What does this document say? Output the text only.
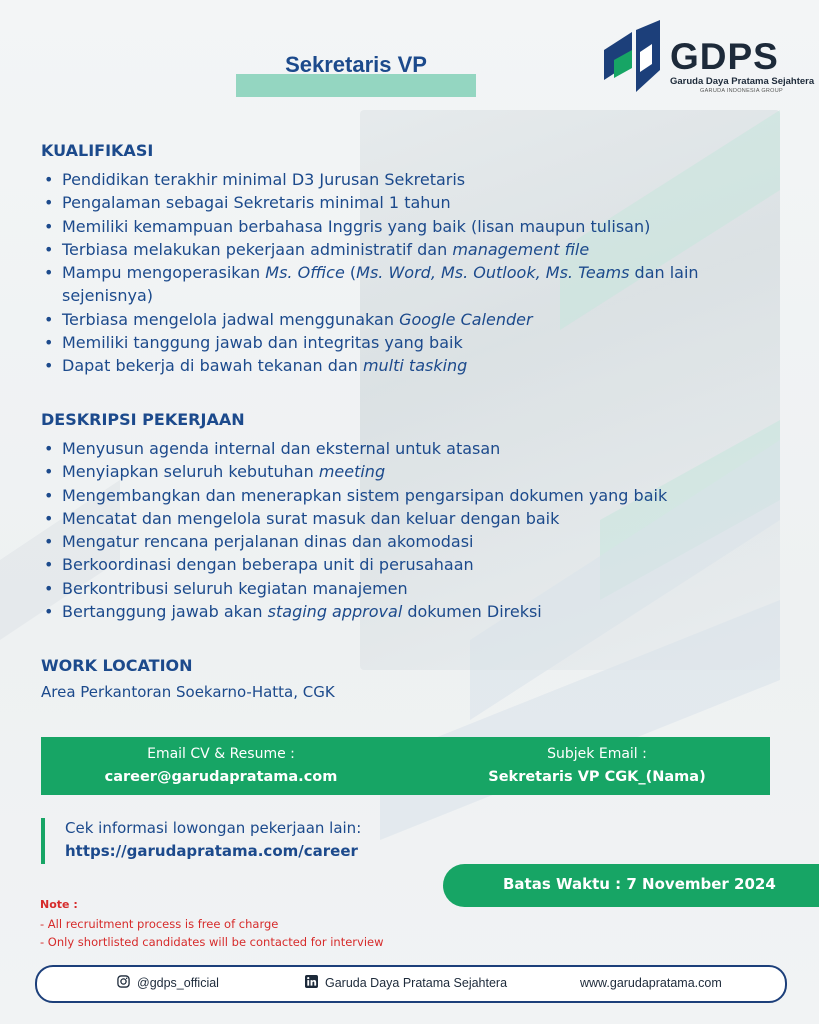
Sekretaris VP	GDPS
Garuda Daya Pratama Sejahtera
GARUDA INDONESIA GROUP
KUALIFIKASI
• Pendidikan terakhir minimal D3 Jurusan Sekretaris
• Pengalaman sebagai Sekretaris minimal 1 tahun
• Memiliki kemampuan berbahasa Inggris yang baik (lisan maupun tulisan)
• Terbiasa melakukan pekerjaan administratif dan management file
• Mampu mengoperasikan Ms. Office (Ms. Word, Ms. Outlook, Ms. Teams dan lain sejenisnya)
• Terbiasa mengelola jadwal menggunakan Google Calender
• Memiliki tanggung jawab dan integritas yang baik
• Dapat bekerja di bawah tekanan dan multi tasking
DESKRIPSI PEKERJAAN
• Menyusun agenda internal dan eksternal untuk atasan
• Menyiapkan seluruh kebutuhan meeting
• Mengembangkan dan menerapkan sistem pengarsipan dokumen yang baik
• Mencatat dan mengelola surat masuk dan keluar dengan baik
• Mengatur rencana perjalanan dinas dan akomodasi
• Berkoordinasi dengan beberapa unit di perusahaan
• Berkontribusi seluruh kegiatan manajemen
• Bertanggung jawab akan staging approval dokumen Direksi
WORK LOCATION
Area Perkantoran Soekarno-Hatta, CGK
Email CV & Resume :
career@garudapratama.com
Subjek Email :
Sekretaris VP CGK_(Nama)
Cek informasi lowongan pekerjaan lain:
https://garudapratama.com/career
Batas Waktu : 7 November 2024
Note :
- All recruitment process is free of charge
- Only shortlisted candidates will be contacted for interview
@gdps_official	Garuda Daya Pratama Sejahtera	www.garudapratama.com
